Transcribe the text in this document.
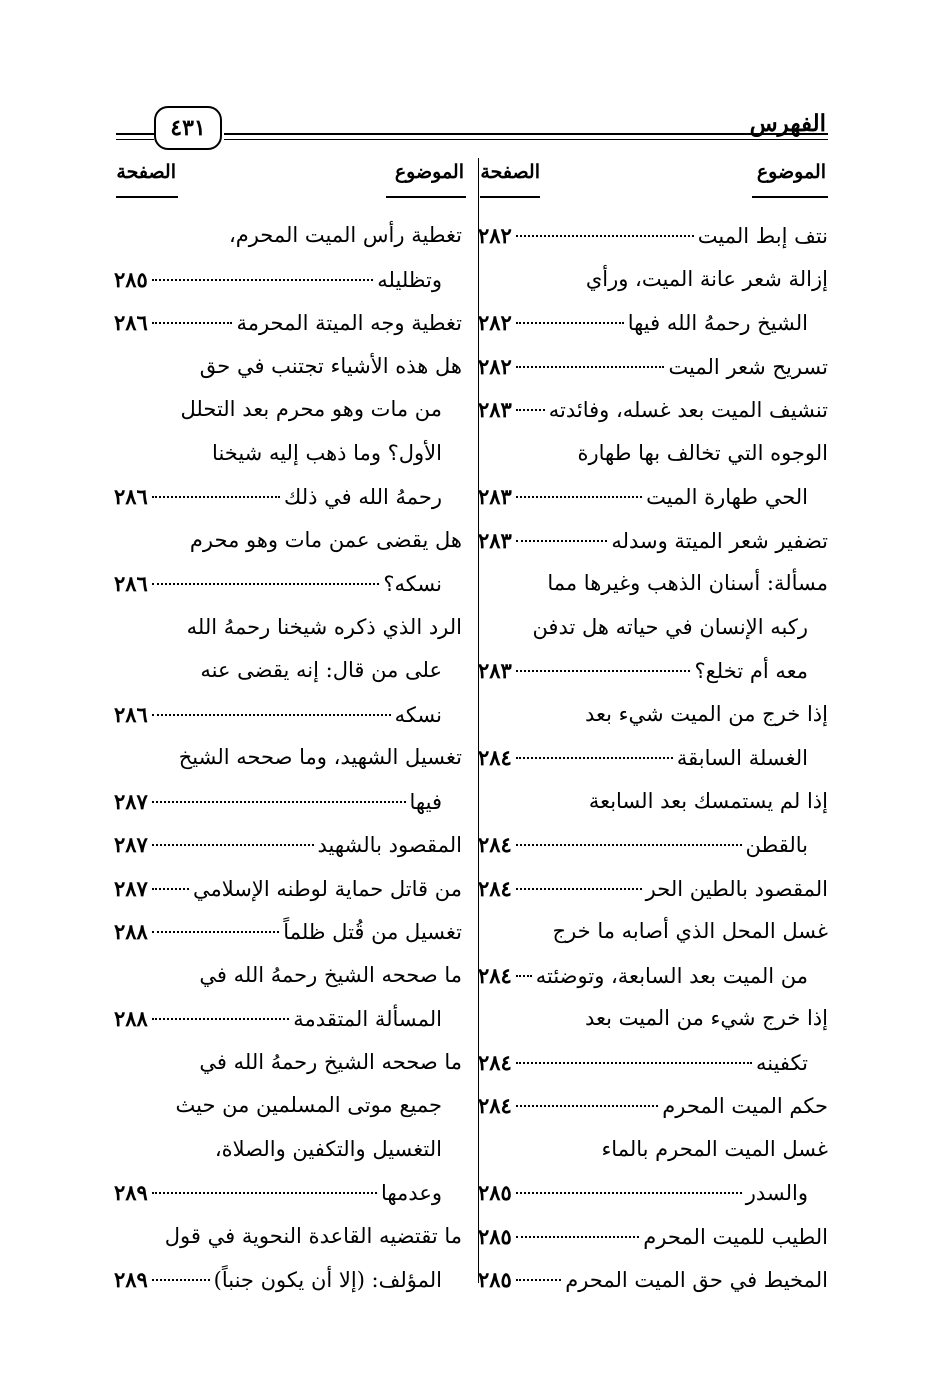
الفهرس
٤٣١
الموضوع
الصفحة
الموضوع
الصفحة
نتف إبط الميت
٢٨٢
إزالة شعر عانة الميت، ورأي
الشيخ رحمهُ الله فيها
٢٨٢
تسريح شعر الميت
٢٨٢
تنشيف الميت بعد غسله، وفائدته
٢٨٣
الوجوه التي تخالف بها طهارة
الحي طهارة الميت
٢٨٣
تضفير شعر الميتة وسدله
٢٨٣
مسألة: أسنان الذهب وغيرها مما
ركبه الإنسان في حياته هل تدفن
معه أم تخلع؟
٢٨٣
إذا خرج من الميت شيء بعد
الغسلة السابقة
٢٨٤
إذا لم يستمسك بعد السابعة
بالقطن
٢٨٤
المقصود بالطين الحر
٢٨٤
غسل المحل الذي أصابه ما خرج
من الميت بعد السابعة، وتوضئته
٢٨٤
إذا خرج شيء من الميت بعد
تكفينه
٢٨٤
حكم الميت المحرم
٢٨٤
غسل الميت المحرم بالماء
والسدر
٢٨٥
الطيب للميت المحرم
٢٨٥
المخيط في حق الميت المحرم
٢٨٥
تغطية رأس الميت المحرم،
وتظليله
٢٨٥
تغطية وجه الميتة المحرمة
٢٨٦
هل هذه الأشياء تجتنب في حق
من مات وهو محرم بعد التحلل
الأول؟ وما ذهب إليه شيخنا
رحمهُ الله في ذلك
٢٨٦
هل يقضى عمن مات وهو محرم
نسكه؟
٢٨٦
الرد الذي ذكره شيخنا رحمهُ الله
على من قال: إنه يقضى عنه
نسكه
٢٨٦
تغسيل الشهيد، وما صححه الشيخ
فيها
٢٨٧
المقصود بالشهيد
٢٨٧
من قاتل حماية لوطنه الإسلامي
٢٨٧
تغسيل من قُتل ظلماً
٢٨٨
ما صححه الشيخ رحمهُ الله في
المسألة المتقدمة
٢٨٨
ما صححه الشيخ رحمهُ الله في
جميع موتى المسلمين من حيث
التغسيل والتكفين والصلاة،
وعدمها
٢٨٩
ما تقتضيه القاعدة النحوية في قول
المؤلف: (إلا أن يكون جنباً)
٢٨٩
